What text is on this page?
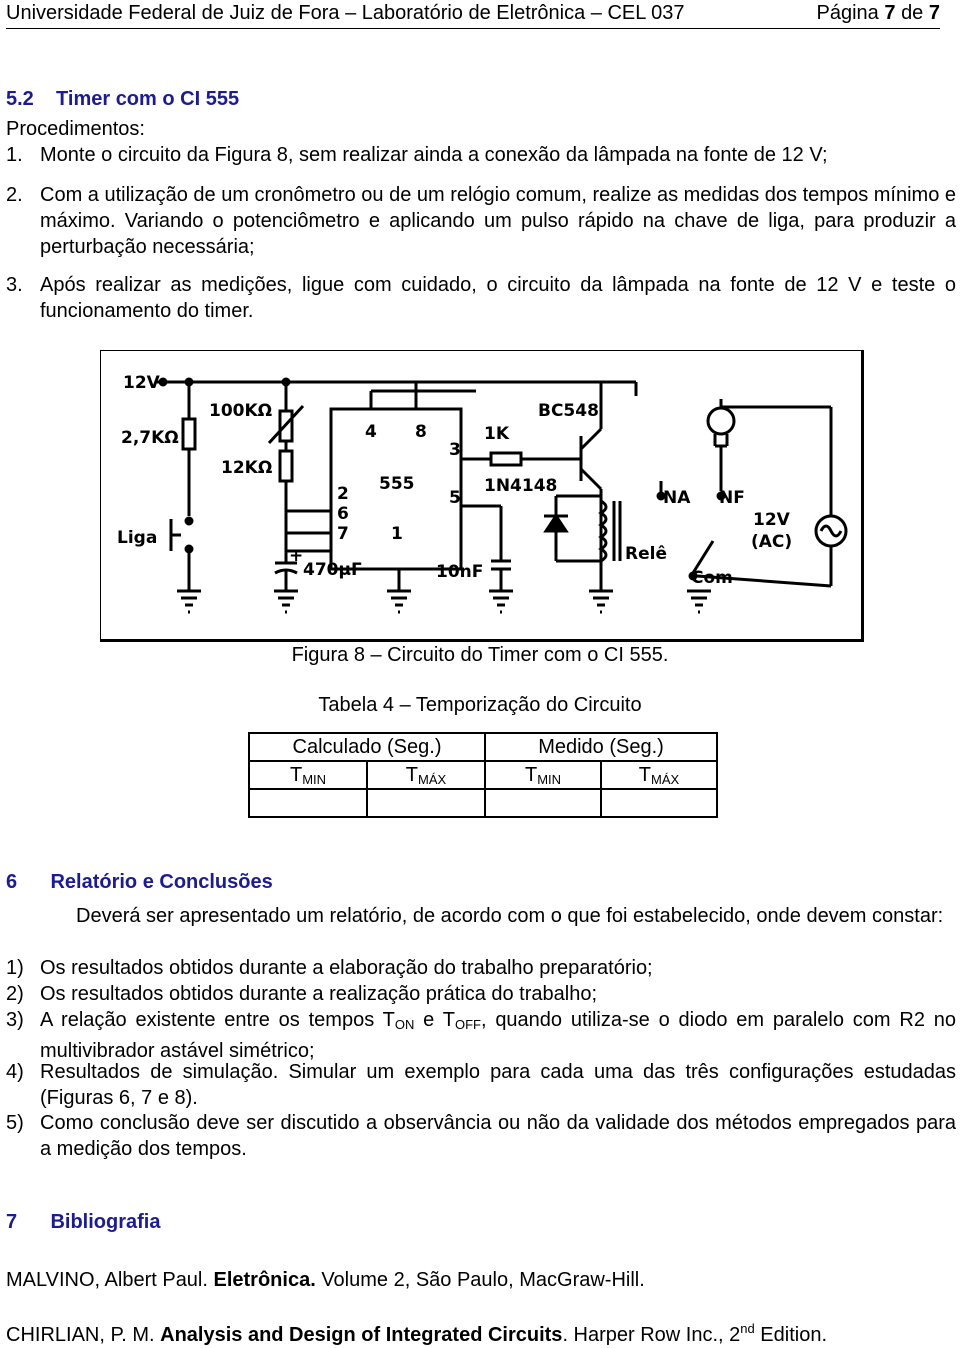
Universidade Federal de Juiz de Fora – Laboratório de Eletrônica – CEL 037	Página 7 de 7
5.2    Timer com o CI 555
Procedimentos:
1. Monte o circuito da Figura 8, sem realizar ainda a conexão da lâmpada na fonte de 12 V;
2. Com a utilização de um cronômetro ou de um relógio comum, realize as medidas dos tempos mínimo e máximo. Variando o potenciômetro e aplicando um pulso rápido na chave de liga, para produzir a perturbação necessária;
3. Após realizar as medições, ligue com cuidado, o circuito da lâmpada na fonte de 12 V e teste o funcionamento do timer.
12V
100KΩ
2,7KΩ
12KΩ
4 8
3
2
6
7 1
5
555
1K
BC548
1N4148
Liga
+
470µF	10nF
NA NF
Relê
Com
12V
(AC)
Figura 8 – Circuito do Timer com o CI 555.
Tabela 4 – Temporização do Circuito
Calculado (Seg.)		Medido (Seg.)	
$T_{MIN}$	$T_{MÁX}$	$T_{MIN}$	$T_{MÁX}$

6      Relatório e Conclusões
Deverá ser apresentado um relatório, de acordo com o que foi estabelecido, onde devem constar:
1) Os resultados obtidos durante a elaboração do trabalho preparatório;
2) Os resultados obtidos durante a realização prática do trabalho;
3) A relação existente entre os tempos $T_{ON}$ e $T_{OFF}$, quando utiliza-se o diodo em paralelo com R2 no multivibrador astável simétrico;
4) Resultados de simulação. Simular um exemplo para cada uma das três configurações estudadas (Figuras 6, 7 e 8).
5) Como conclusão deve ser discutido a observância ou não da validade dos métodos empregados para a medição dos tempos.
7      Bibliografia
MALVINO, Albert Paul. Eletrônica. Volume 2, São Paulo, MacGraw-Hill.
CHIRLIAN, P. M. Analysis and Design of Integrated Circuits. Harper Row Inc., 2nd Edition.
